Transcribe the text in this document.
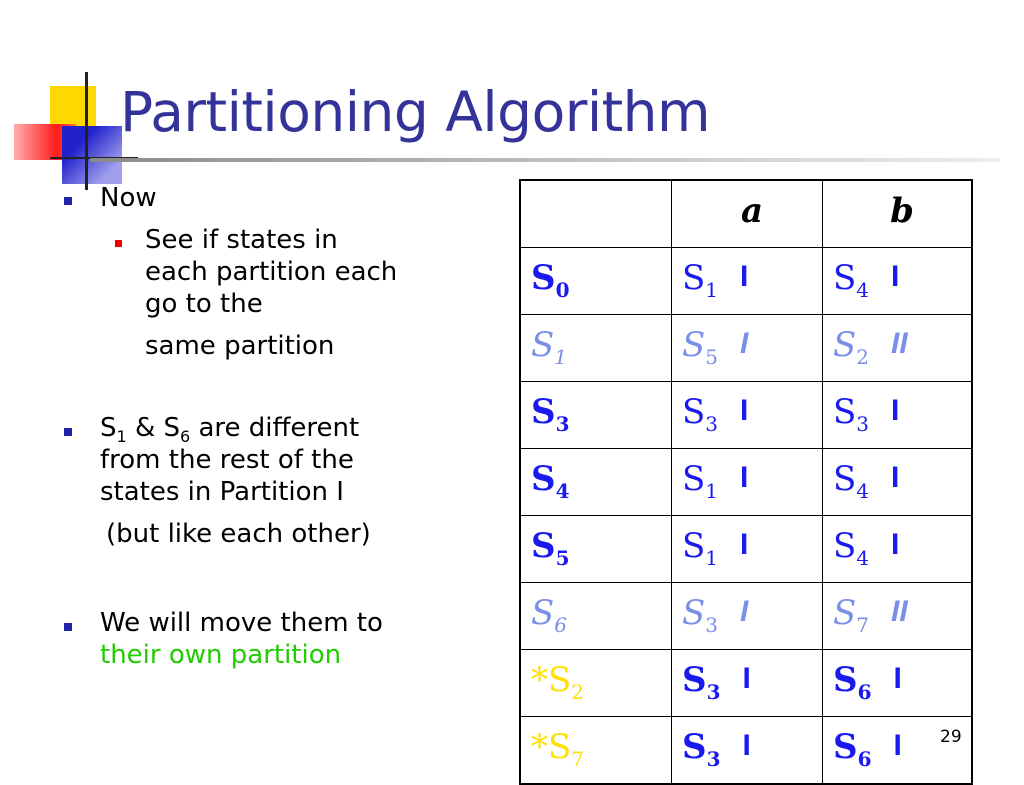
Partitioning Algorithm
Now
See if states in
each partition each
go to the
same partition
$S_1$ & $S_6$ are different
from the rest of the
states in Partition I
(but like each other)
We will move them to
their own partition
	a	b
$S_0$	$S_1$ I	$S_4$ I
$S_1$	$S_5$ I	$S_2$ II
$S_3$	$S_3$ I	$S_3$ I
$S_4$	$S_1$ I	$S_4$ I
$S_5$	$S_1$ I	$S_4$ I
$S_6$	$S_3$ I	$S_7$ II
$*S_2$	$S_3$ I	$S_6$ I
$*S_7$	$S_3$ I	$S_6$ I 29
